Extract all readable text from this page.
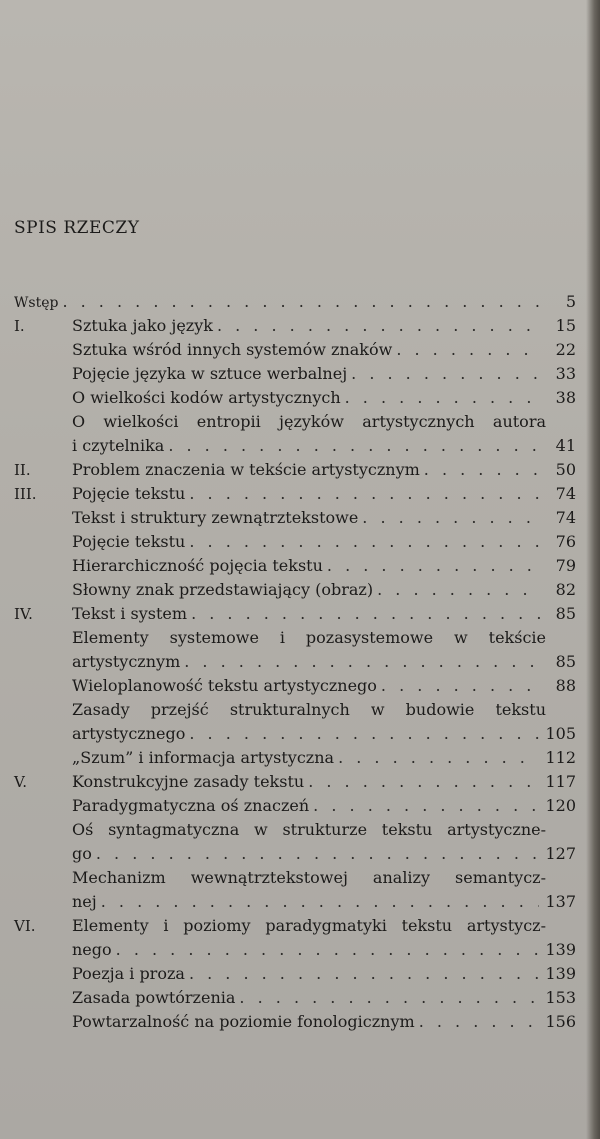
SPIS RZECZY
Wstęp . . .	5
I.	Sztuka jako język . . .	15
Sztuka wśród innych systemów znaków . . .	22
Pojęcie języka w sztuce werbalnej . . .	33
O wielkości kodów artystycznych . . .	38
O wielkości entropii języków artystycznych autora
i czytelnika . . .	41
II.	Problem znaczenia w tekście artystycznym . . .	50
III.	Pojęcie tekstu . . .	74
Tekst i struktury zewnątrztekstowe . . .	74
Pojęcie tekstu . . .	76
Hierarchiczność pojęcia tekstu . . .	79
Słowny znak przedstawiający (obraz) . . .	82
IV.	Tekst i system . . .	85
Elementy systemowe i pozasystemowe w tekście
artystycznym . . .	85
Wieloplanowość tekstu artystycznego . . .	88
Zasady przejść strukturalnych w budowie tekstu
artystycznego . . .	105
„Szum” i informacja artystyczna . . .	112
V.	Konstrukcyjne zasady tekstu . . .	117
Paradygmatyczna oś znaczeń . . .	120
Oś syntagmatyczna w strukturze tekstu artystyczne-
go . . .	127
Mechanizm wewnątrztekstowej analizy semantycz-
nej . . .	137
VI.	Elementy i poziomy paradygmatyki tekstu artystycz-
nego . . .	139
Poezja i proza . . .	139
Zasada powtórzenia . . .	153
Powtarzalność na poziomie fonologicznym . . .	156
